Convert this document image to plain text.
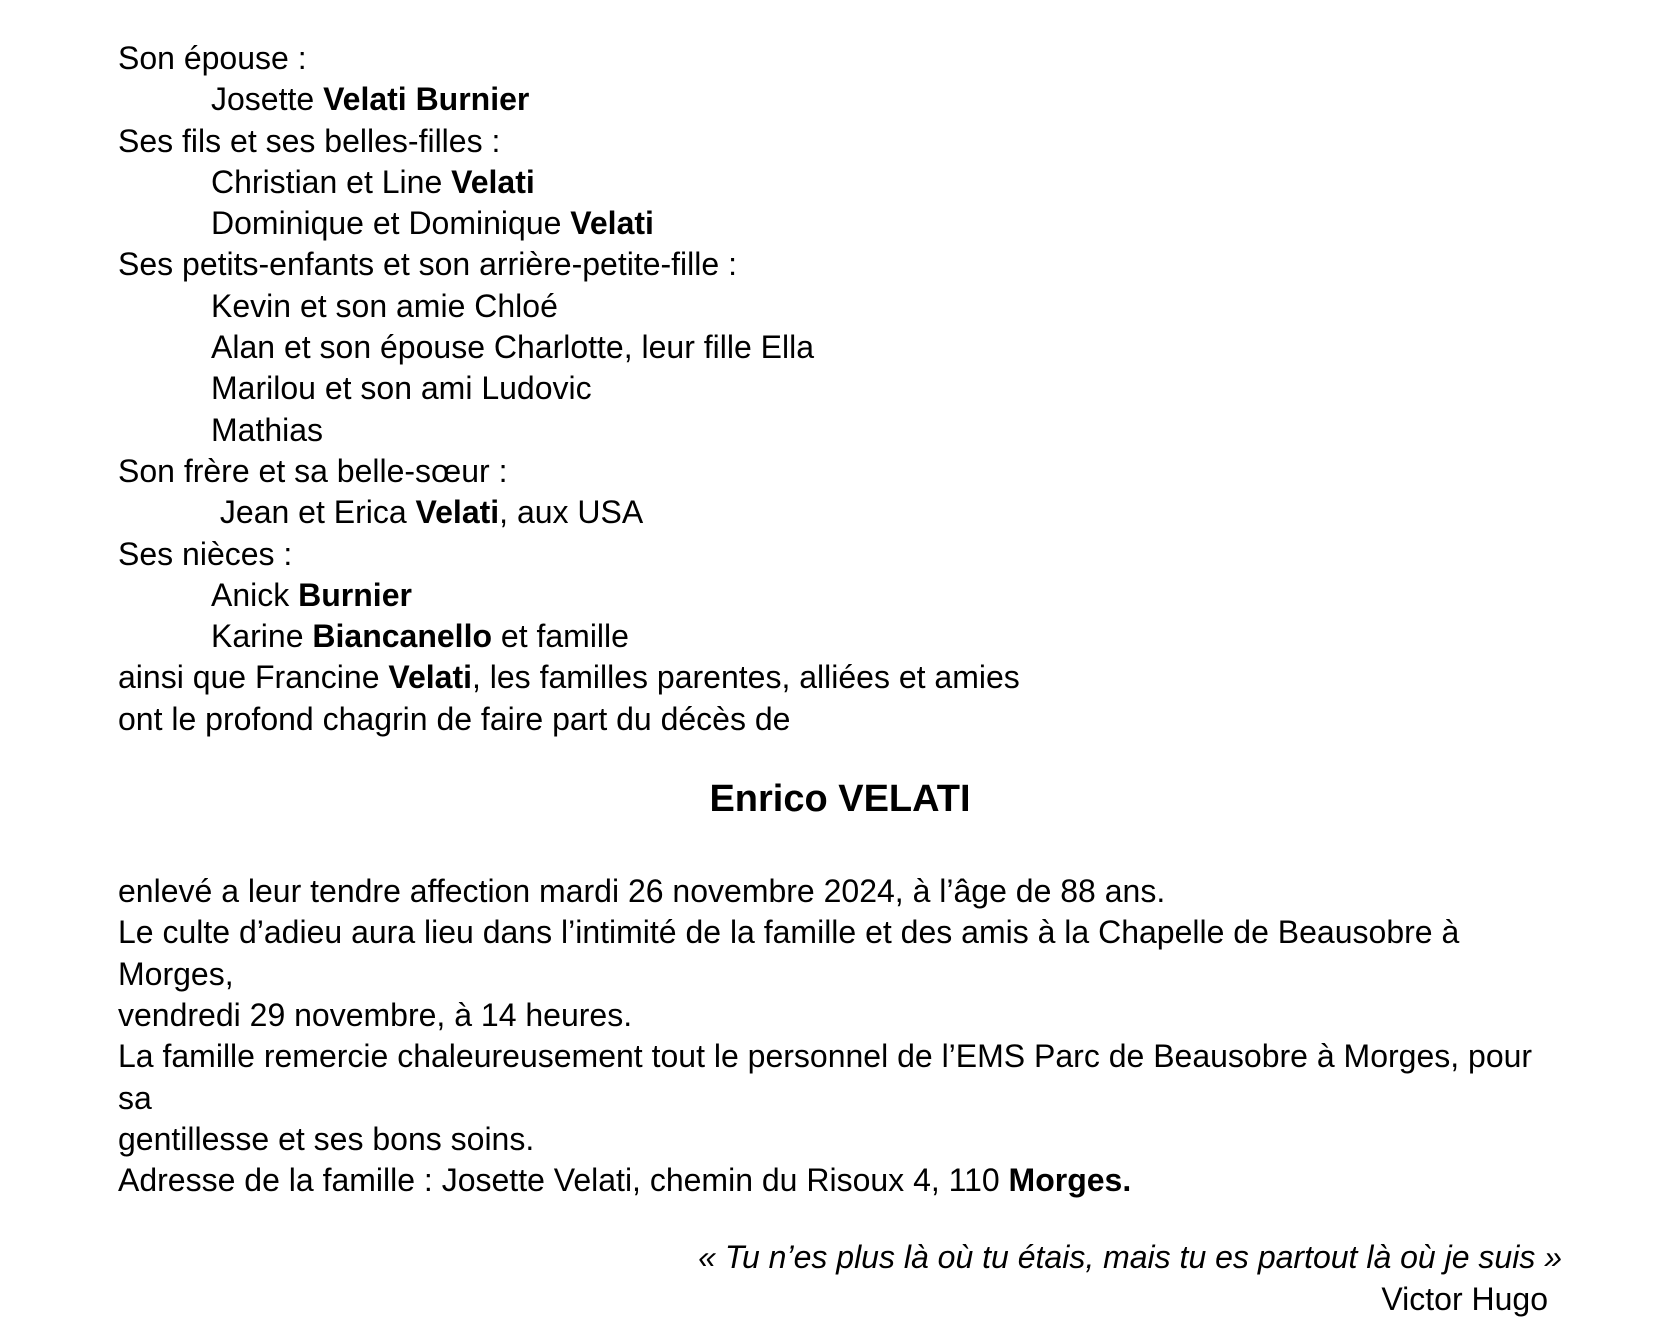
Son épouse :
Josette Velati Burnier
Ses fils et ses belles-filles :
Christian et Line Velati
Dominique et Dominique Velati
Ses petits-enfants et son arrière-petite-fille :
Kevin et son amie Chloé
Alan et son épouse Charlotte, leur fille Ella
Marilou et son ami Ludovic
Mathias
Son frère et sa belle-sœur :
Jean et Erica Velati, aux USA
Ses nièces :
Anick Burnier
Karine Biancanello et famille
ainsi que Francine Velati, les familles parentes, alliées et amies
ont le profond chagrin de faire part du décès de
Enrico VELATI
enlevé a leur tendre affection mardi 26 novembre 2024, à l’âge de 88 ans.
Le culte d’adieu aura lieu dans l’intimité de la famille et des amis à la Chapelle de Beausobre à Morges,
vendredi 29 novembre, à 14 heures.
La famille remercie chaleureusement tout le personnel de l’EMS Parc de Beausobre à Morges, pour sa
gentillesse et ses bons soins.
Adresse de la famille : Josette Velati, chemin du Risoux 4, 110 Morges.
« Tu n’es plus là où tu étais, mais tu es partout là où je suis »
Victor Hugo
